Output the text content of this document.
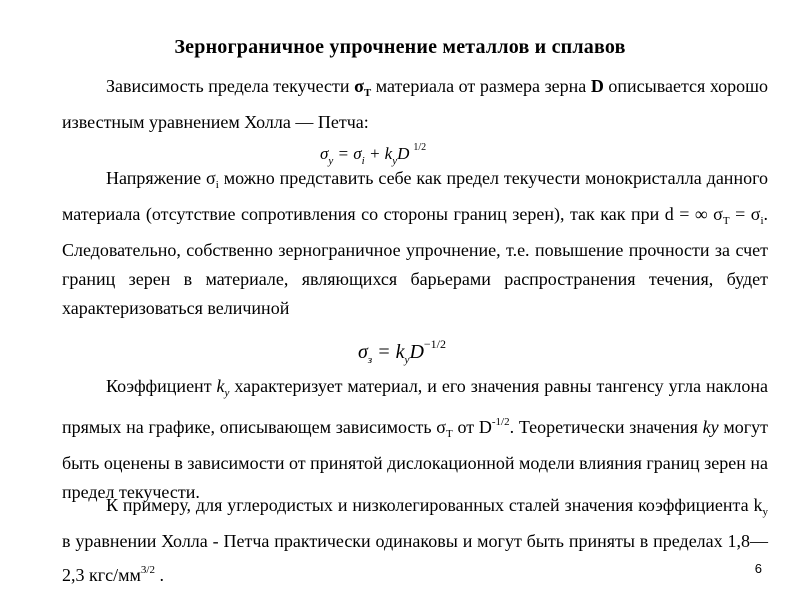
Зернограничное упрочнение металлов и сплавов
Зависимость предела текучести $\sigma_T$ материала от размера зерна D описывается хорошо известным уравнением Холла — Петча:
$\sigma_y = \sigma_i + k_yD$ $^{1/2}$
Напряжение $\sigma_i$ можно представить себе как предел текучести монокристалла данного материала (отсутствие сопротивления со стороны границ зерен), так как при d = ∞ $\sigma_T = \sigma_i$. Следовательно, собственно зернограничное упрочнение, т.е. повышение прочности за счет границ зерен в материале, являющихся барьерами распространения течения, будет характеризоваться величиной
$\sigma_з = k_yD^{-1/2}$
Коэффициент $k_y$ характеризует материал, и его значения равны тангенсу угла наклона прямых на графике, описывающем зависимость $\sigma_T$ от $D^{-1/2}$. Теоретически значения ky могут быть оценены в зависимости от принятой дислокационной модели влияния границ зерен на предел текучести.
К примеру, для углеродистых и низколегированных сталей значения коэффициента $k_y$ в уравнении Холла - Петча практически одинаковы и могут быть приняты в пределах 1,8—2,3 кгс/$мм^{3/2}$ .	6
